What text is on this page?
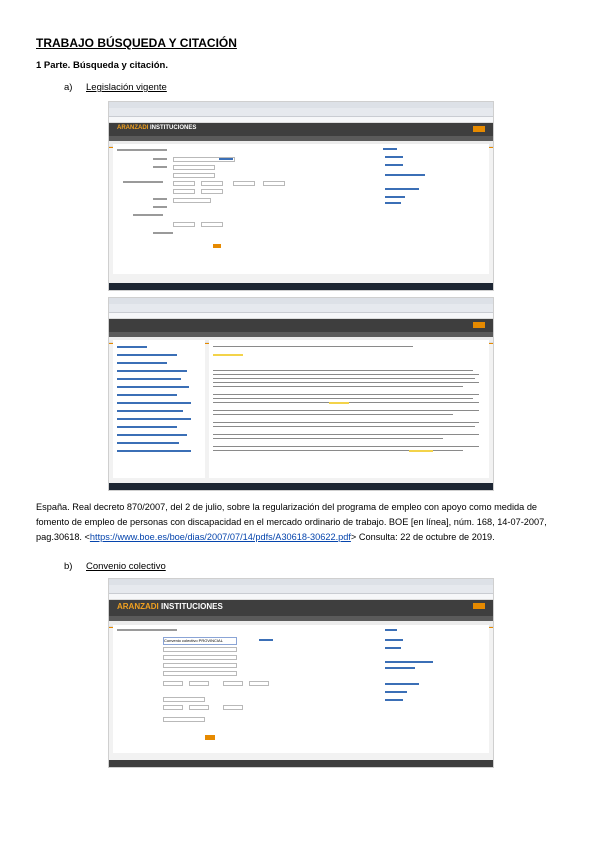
TRABAJO BÚSQUEDA Y CITACIÓN
1 Parte. Búsqueda y citación.
a) Legislación vigente
ARANZADI INSTITUCIONES
España. Real decreto 870/2007, del 2 de julio, sobre la regularización del programa de empleo con apoyo como medida de fomento de empleo de personas con discapacidad en el mercado ordinario de trabajo. BOE [en línea], núm. 168, 14-07-2007, pag.30618. <https://www.boe.es/boe/dias/2007/07/14/pdfs/A30618-30622.pdf> Consulta: 22 de octubre de 2019.
b) Convenio colectivo
ARANZADI INSTITUCIONES
Convenio colectivo PROVINCIAL
